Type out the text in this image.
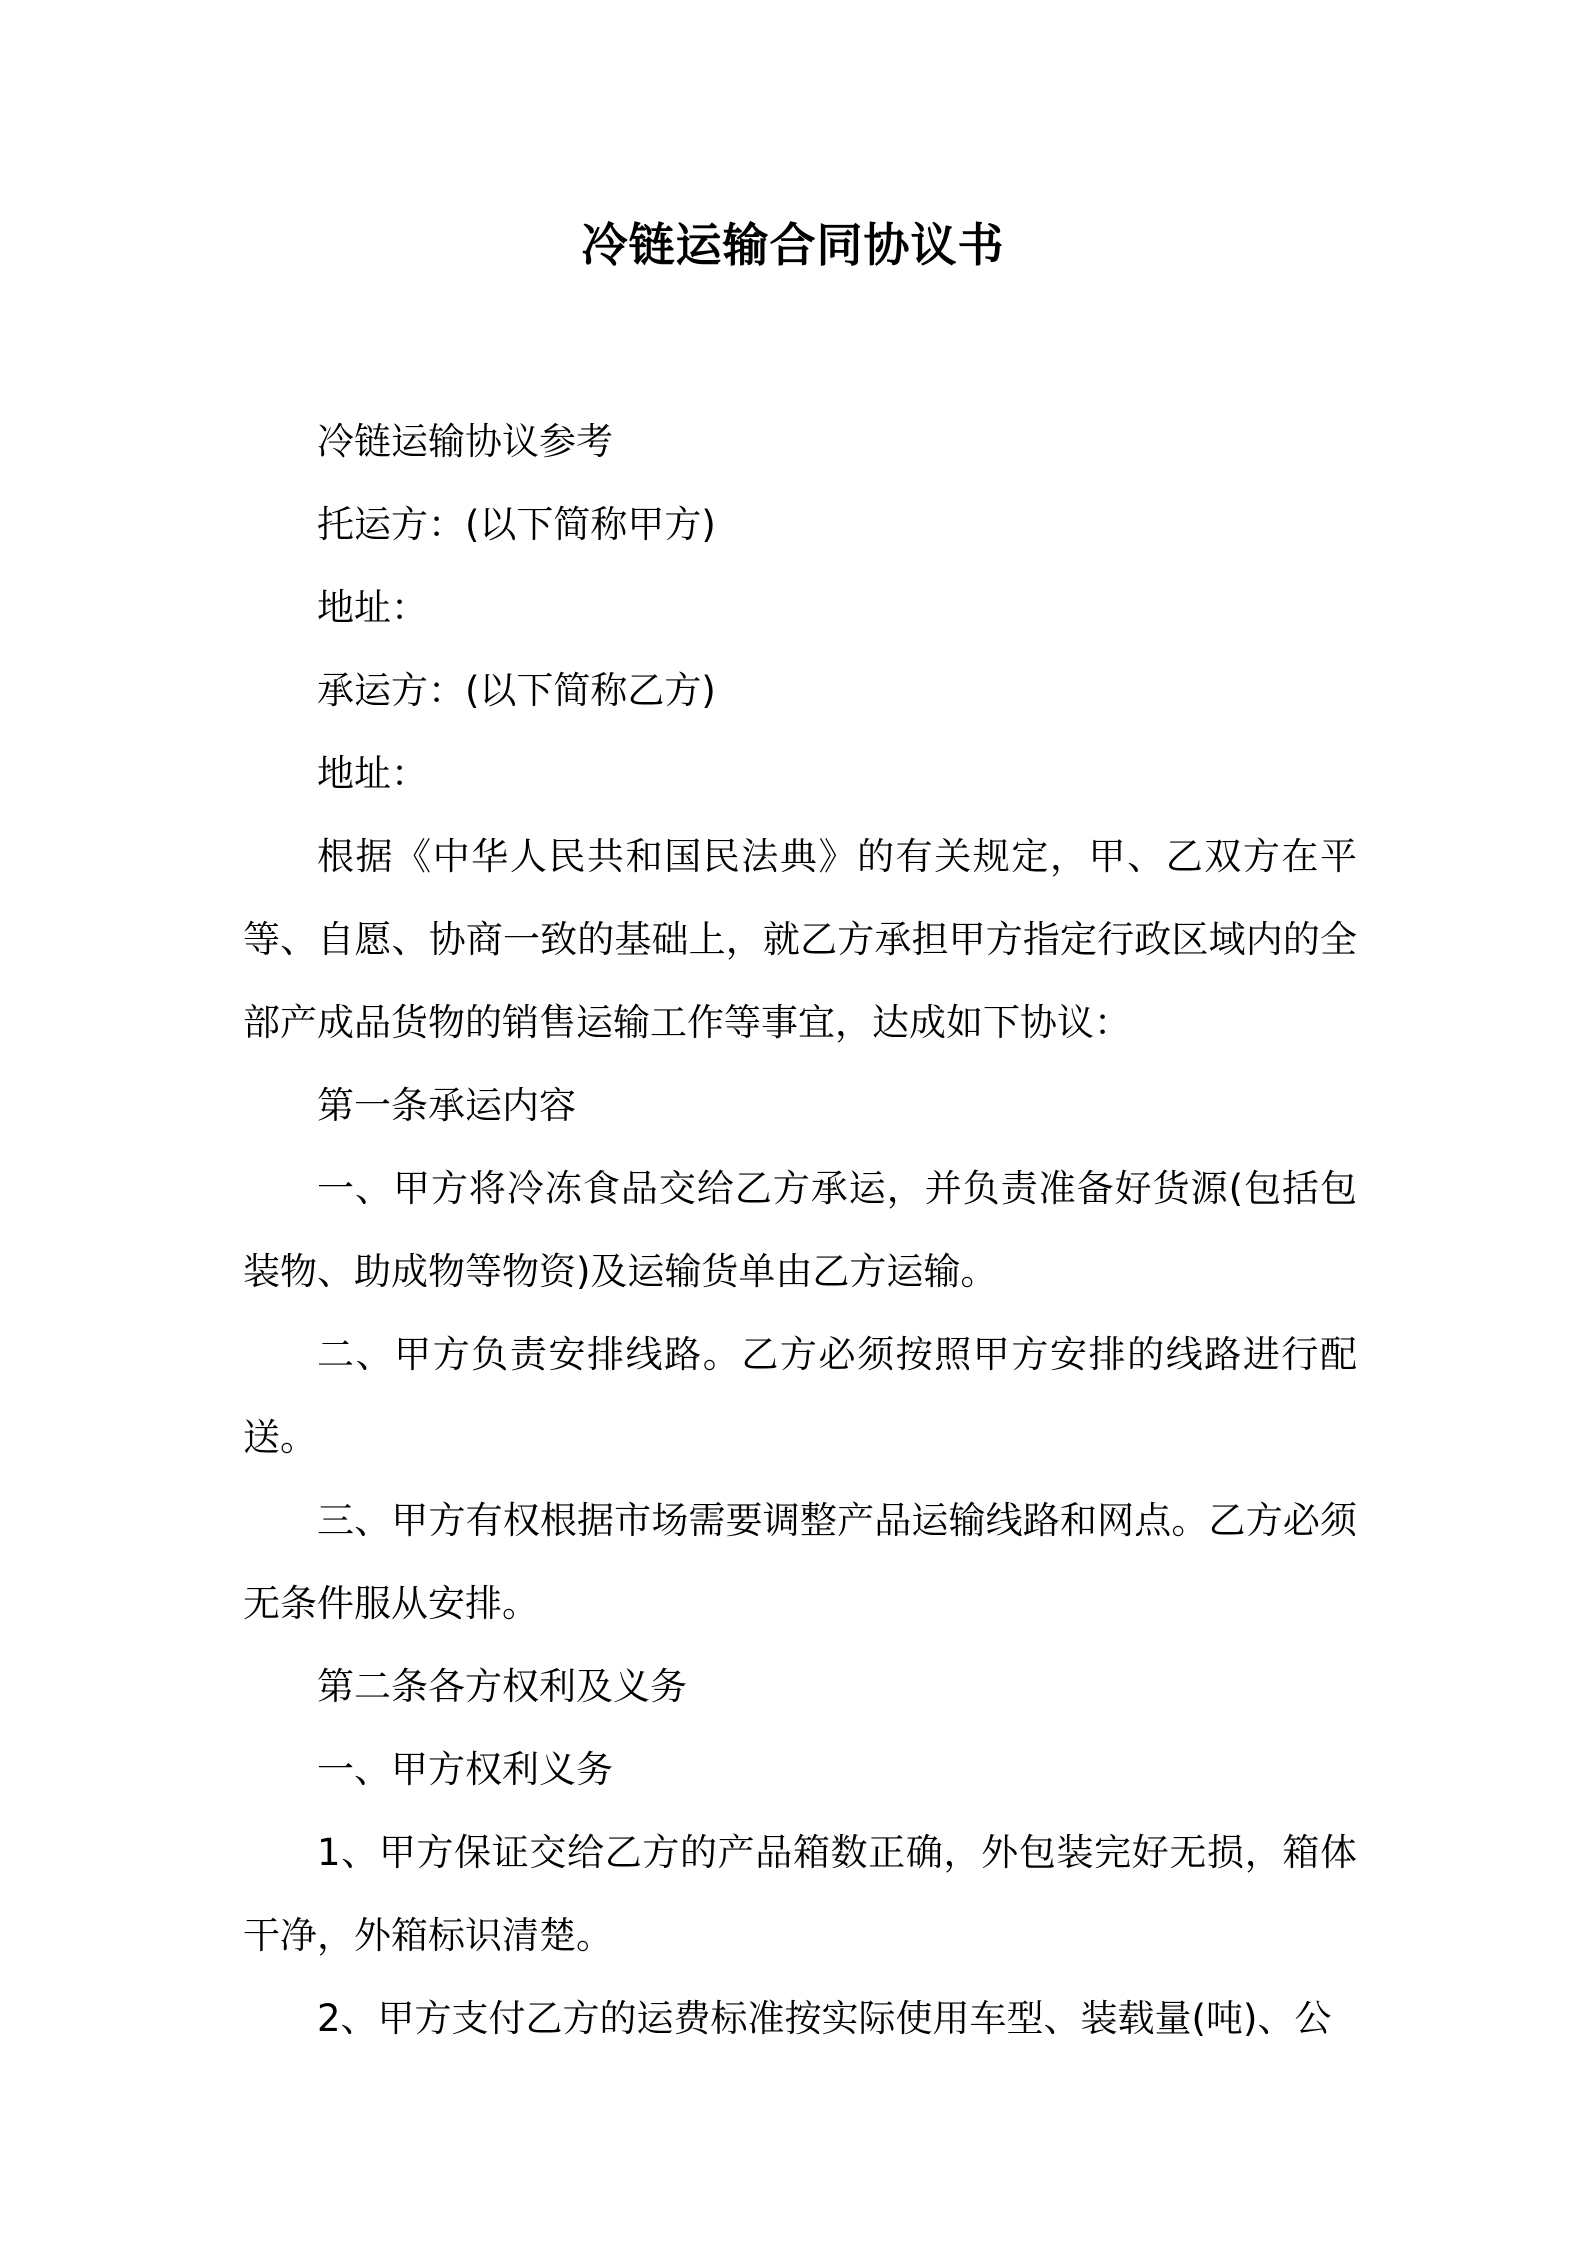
冷链运输合同协议书

冷链运输协议参考

托运方：(以下简称甲方)

地址：

承运方：(以下简称乙方)

地址：

根据《中华人民共和国民法典》的有关规定，甲、乙双方在平等、自愿、协商一致的基础上，就乙方承担甲方指定行政区域内的全部产成品货物的销售运输工作等事宜，达成如下协议：

第一条承运内容

一、甲方将冷冻食品交给乙方承运，并负责准备好货源(包括包装物、助成物等物资)及运输货单由乙方运输。

二、甲方负责安排线路。乙方必须按照甲方安排的线路进行配送。

三、甲方有权根据市场需要调整产品运输线路和网点。乙方必须无条件服从安排。

第二条各方权利及义务

一、甲方权利义务

1、甲方保证交给乙方的产品箱数正确，外包装完好无损，箱体干净，外箱标识清楚。

2、甲方支付乙方的运费标准按实际使用车型、装载量(吨)、公
